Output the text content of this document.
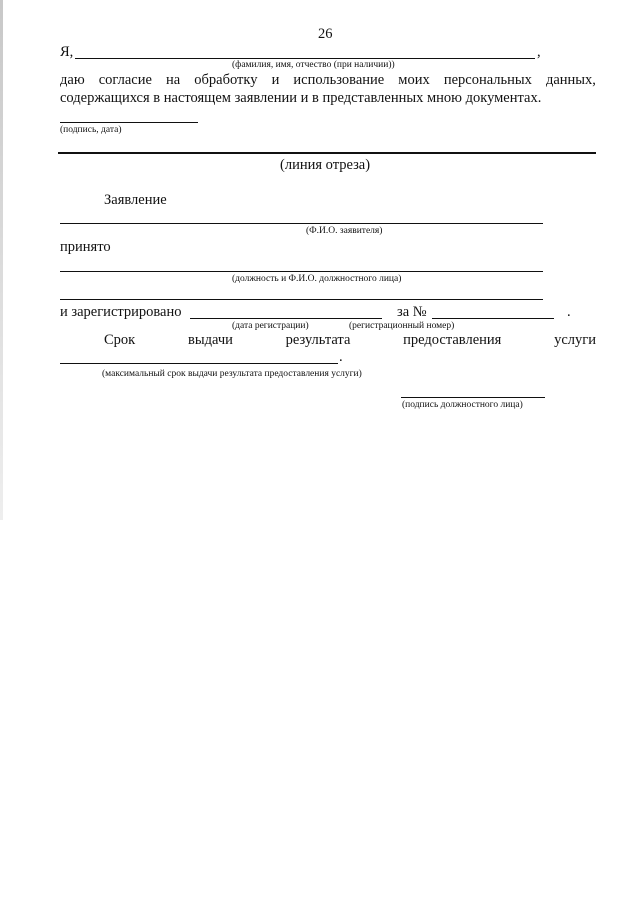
26
Я,	,
(фамилия, имя, отчество (при наличии))
даю согласие на обработку и использование моих персональных данных,
содержащихся в настоящем заявлении и в представленных мною документах.
(подпись, дата)
(линия отреза)
Заявление
(Ф.И.О. заявителя)
принято
(должность и Ф.И.О. должностного лица)
и зарегистрировано	за №	.
(дата регистрации)	(регистрационный номер)
Срок	выдачи	результата	предоставления	услуги
.
(максимальный срок выдачи результата предоставления услуги)
(подпись должностного лица)
